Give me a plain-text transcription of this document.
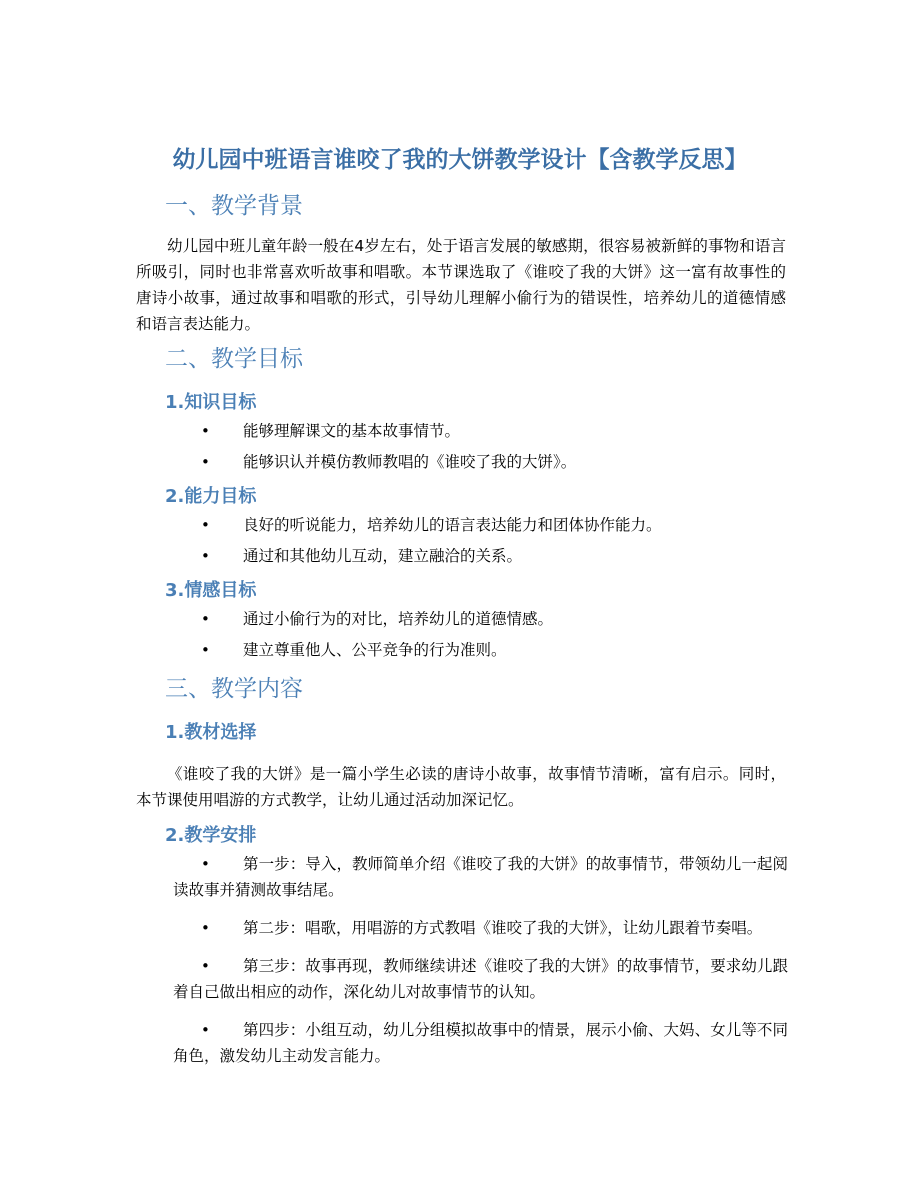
幼儿园中班语言谁咬了我的大饼教学设计【含教学反思】
一、教学背景

幼儿园中班儿童年龄一般在4岁左右，处于语言发展的敏感期，很容易被新鲜的事物和语言所吸引，同时也非常喜欢听故事和唱歌。本节课选取了《谁咬了我的大饼》这一富有故事性的唐诗小故事，通过故事和唱歌的形式，引导幼儿理解小偷行为的错误性，培养幼儿的道德情感和语言表达能力。

二、教学目标
1.知识目标
• 能够理解课文的基本故事情节。
• 能够识认并模仿教师教唱的《谁咬了我的大饼》。
2.能力目标
• 良好的听说能力，培养幼儿的语言表达能力和团体协作能力。
• 通过和其他幼儿互动，建立融洽的关系。
3.情感目标
• 通过小偷行为的对比，培养幼儿的道德情感。
• 建立尊重他人、公平竞争的行为准则。
三、教学内容
1.教材选择

《谁咬了我的大饼》是一篇小学生必读的唐诗小故事，故事情节清晰，富有启示。同时，本节课使用唱游的方式教学，让幼儿通过活动加深记忆。

2.教学安排
• 第一步：导入，教师简单介绍《谁咬了我的大饼》的故事情节，带领幼儿一起阅读故事并猜测故事结尾。
• 第二步：唱歌，用唱游的方式教唱《谁咬了我的大饼》，让幼儿跟着节奏唱。
• 第三步：故事再现，教师继续讲述《谁咬了我的大饼》的故事情节，要求幼儿跟着自己做出相应的动作，深化幼儿对故事情节的认知。
• 第四步：小组互动，幼儿分组模拟故事中的情景，展示小偷、大妈、女儿等不同角色，激发幼儿主动发言能力。
